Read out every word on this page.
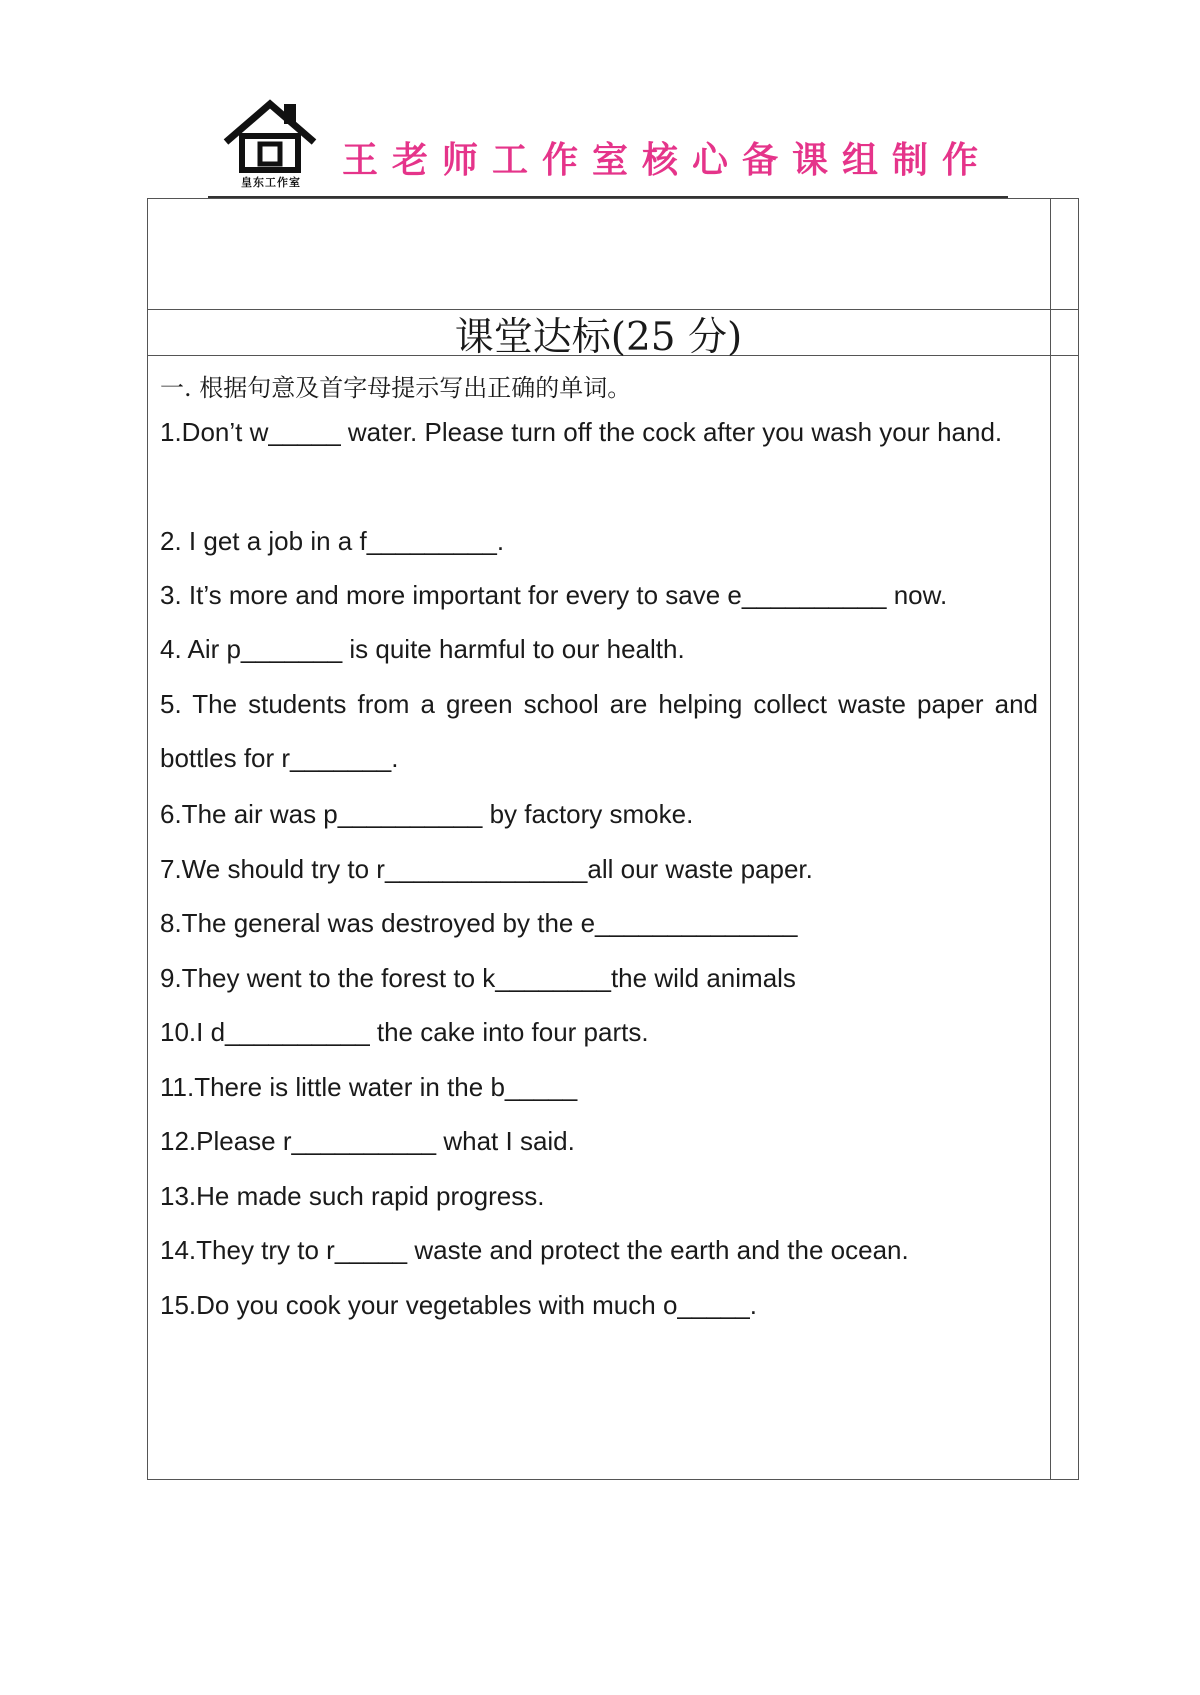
皇东工作室
王老师工作室核心备课组制作
课堂达标(25 分)
一. 根据句意及首字母提示写出正确的单词。
1.Don’t w_____ water. Please turn off the cock after you wash your hand.
2. I get a job in a f_________.
3. It’s more and more important for every to save e__________ now.
4. Air p_______ is quite harmful to our health.
5. The students from a green school are helping collect waste paper and bottles for r_______.
6.The air was p__________ by factory smoke.
7.We should try to r______________all our waste paper.
8.The general was destroyed by the e______________
9.They went to the forest to k________the wild animals
10.I d__________ the cake into four parts.
11.There is little water in the b_____
12.Please r__________ what I said.
13.He made such rapid progress.
14.They try to r_____ waste and protect the earth and the ocean.
15.Do you cook your vegetables with much o_____.
